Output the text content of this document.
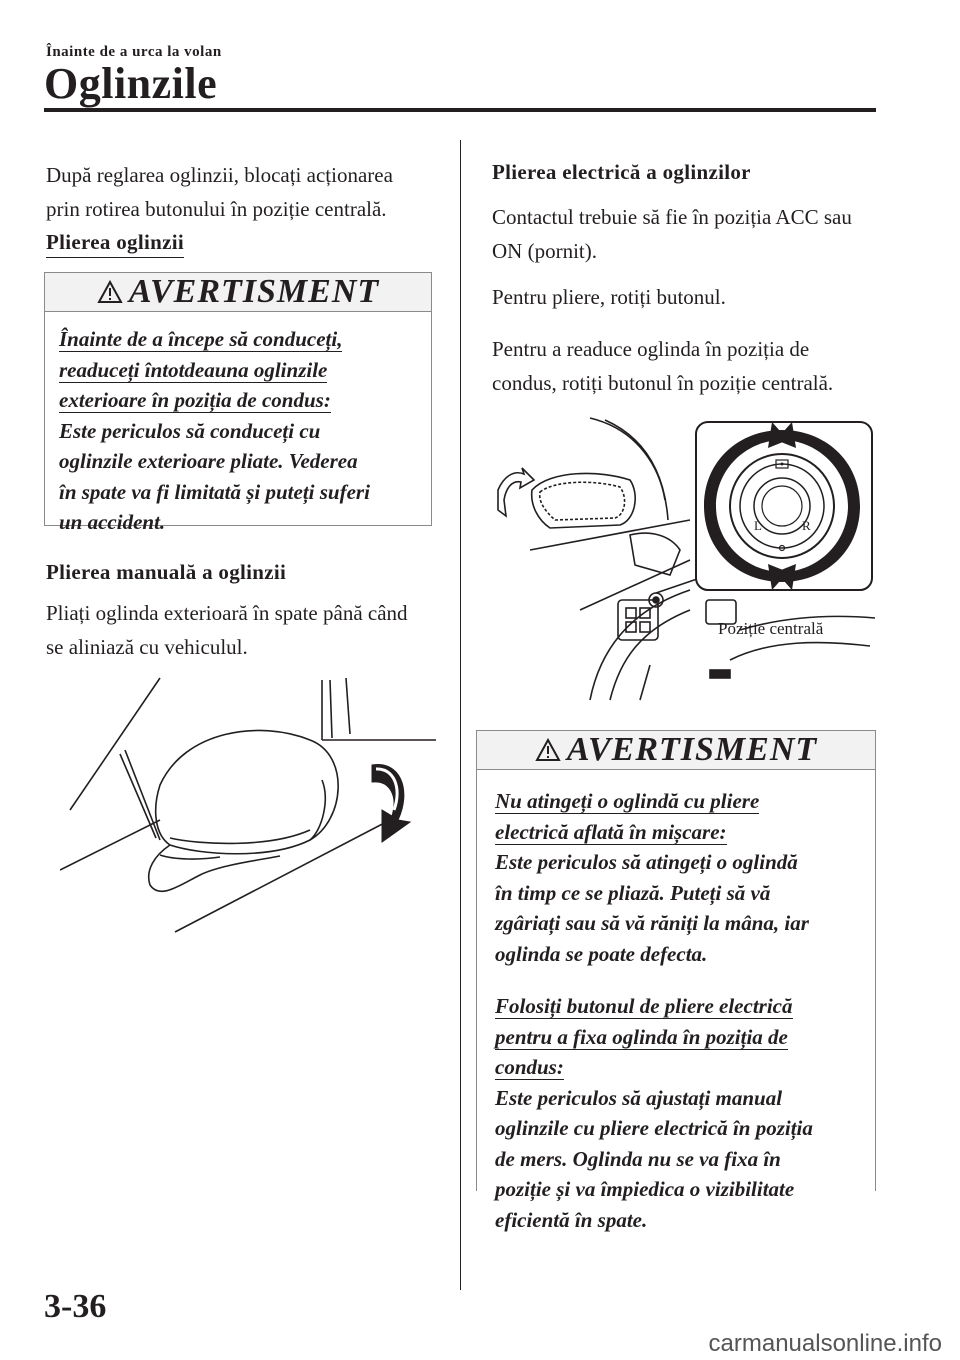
Înainte de a urca la volan
Oglinzile

După reglarea oglinzii, blocați acționarea

prin rotirea butonului în poziție centrală.

Plierea oglinzii
AVERTISMENT

Înainte de a începe să conduceți,

readuceți întotdeauna oglinzile

exterioare în poziția de condus:

Este periculos să conduceți cu

oglinzile exterioare pliate. Vederea

în spate va fi limitată și puteți suferi

un accident.

Plierea manuală a oglinzii

Pliați oglinda exterioară în spate până când

se aliniază cu vehiculul.

Plierea electrică a oglinzilor

Contactul trebuie să fie în poziția ACC sau

ON (pornit).

Pentru pliere, rotiți butonul.

Pentru a readuce oglinda în poziția de

condus, rotiți butonul în poziție centrală.

L	R
Poziție centrală
AVERTISMENT

Nu atingeți o oglindă cu pliere

electrică aflată în mișcare:

Este periculos să atingeți o oglindă

în timp ce se pliază. Puteți să vă

zgâriați sau să vă răniți la mâna, iar

oglinda se poate defecta.

Folosiți butonul de pliere electrică

pentru a fixa oglinda în poziția de

condus:

Este periculos să ajustați manual

oglinzile cu pliere electrică în poziția

de mers. Oglinda nu se va fixa în

poziție și va împiedica o vizibilitate

eficientă în spate.

3-36
carmanualsonline.info
